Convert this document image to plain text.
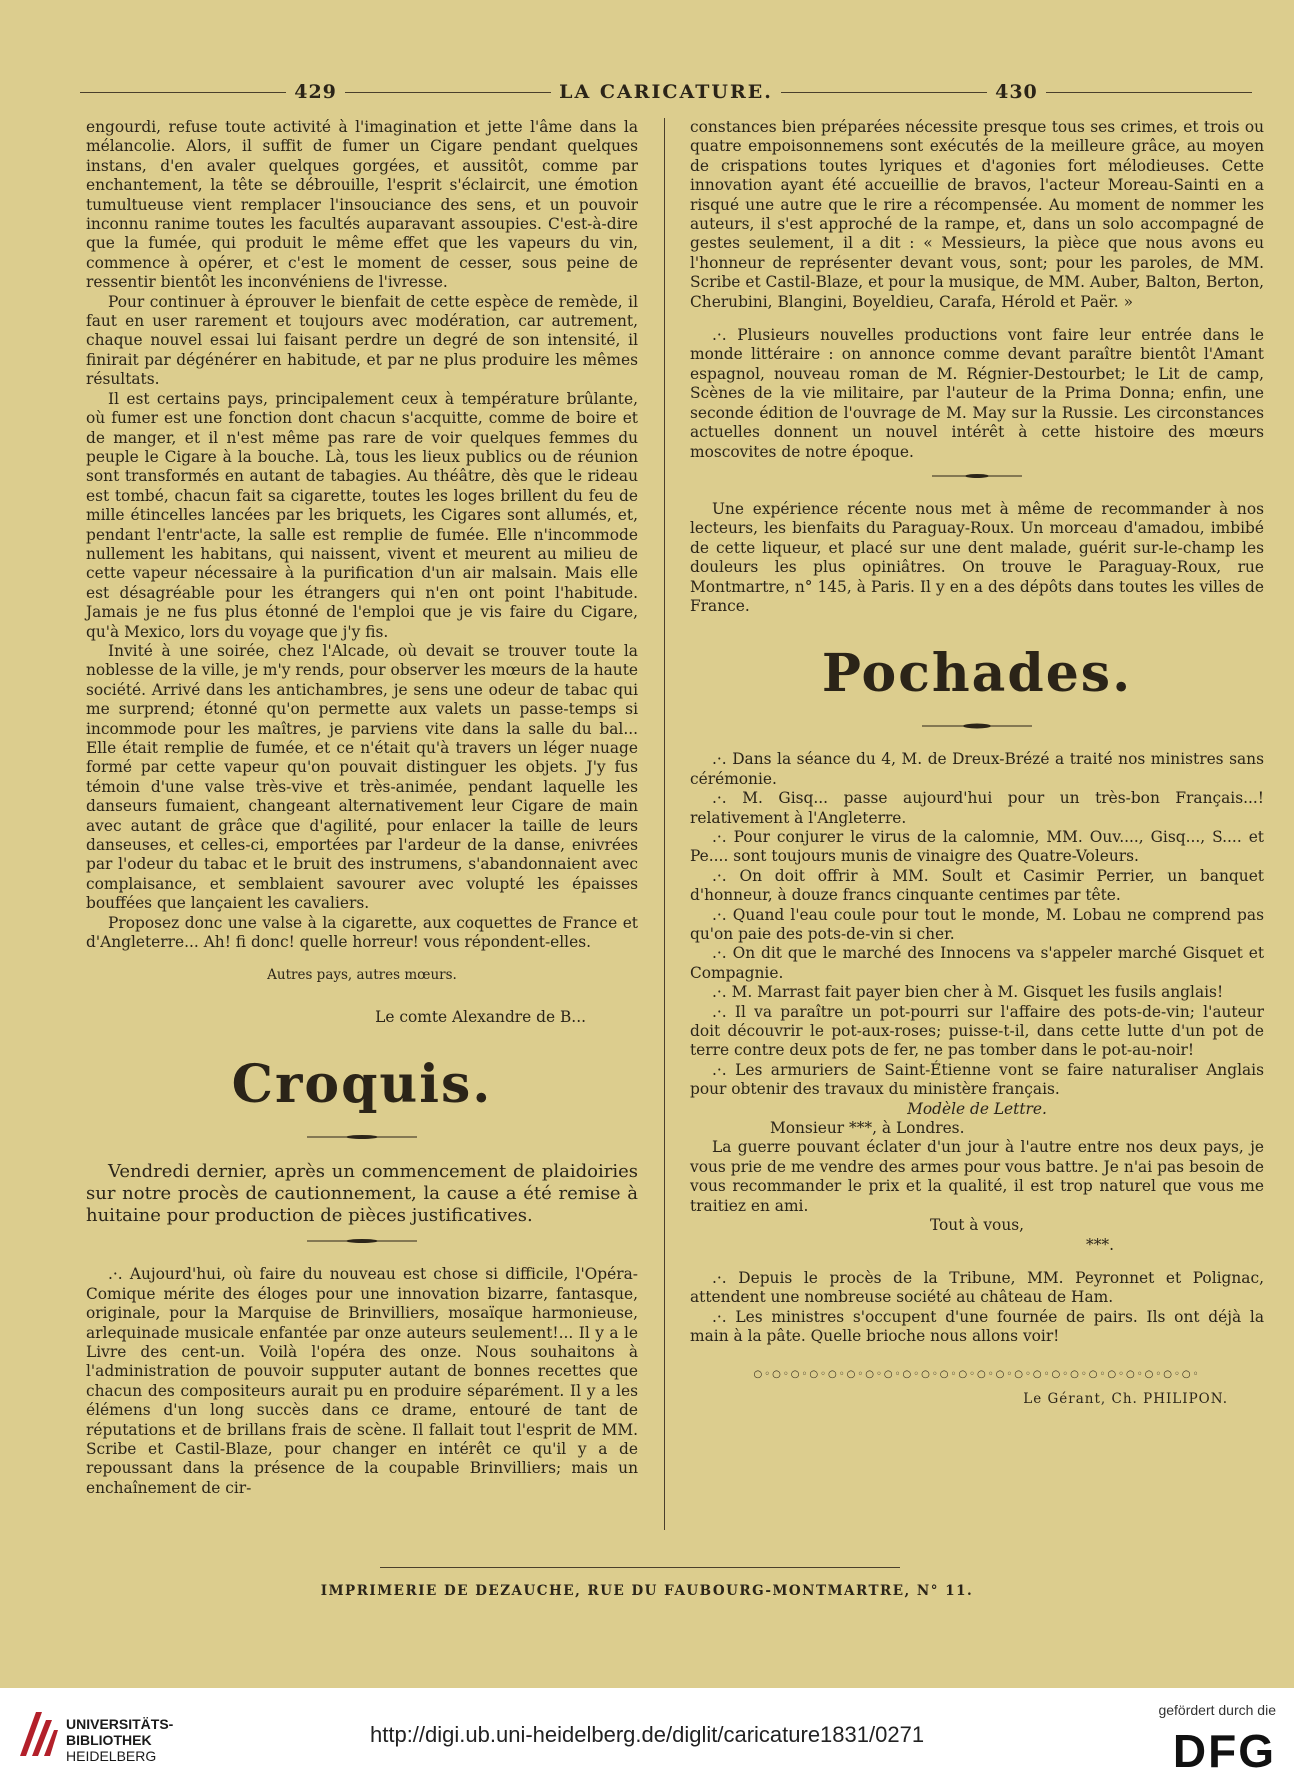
429	LA CARICATURE.	430

engourdi, refuse toute activité à l'imagination et jette l'âme dans la mélancolie. Alors, il suffit de fumer un Cigare pendant quelques instans, d'en avaler quelques gorgées, et aussitôt, comme par enchantement, la tête se débrouille, l'esprit s'éclaircit, une émotion tumultueuse vient remplacer l'insouciance des sens, et un pouvoir inconnu ranime toutes les facultés auparavant assoupies. C'est-à-dire que la fumée, qui produit le même effet que les vapeurs du vin, commence à opérer, et c'est le moment de cesser, sous peine de ressentir bientôt les inconvéniens de l'ivresse.

Pour continuer à éprouver le bienfait de cette espèce de remède, il faut en user rarement et toujours avec modération, car autrement, chaque nouvel essai lui faisant perdre un degré de son intensité, il finirait par dégénérer en habitude, et par ne plus produire les mêmes résultats.

Il est certains pays, principalement ceux à température brûlante, où fumer est une fonction dont chacun s'acquitte, comme de boire et de manger, et il n'est même pas rare de voir quelques femmes du peuple le Cigare à la bouche. Là, tous les lieux publics ou de réunion sont transformés en autant de tabagies. Au théâtre, dès que le rideau est tombé, chacun fait sa cigarette, toutes les loges brillent du feu de mille étincelles lancées par les briquets, les Cigares sont allumés, et, pendant l'entr'acte, la salle est remplie de fumée. Elle n'incommode nullement les habitans, qui naissent, vivent et meurent au milieu de cette vapeur nécessaire à la purification d'un air malsain. Mais elle est désagréable pour les étrangers qui n'en ont point l'habitude. Jamais je ne fus plus étonné de l'emploi que je vis faire du Cigare, qu'à Mexico, lors du voyage que j'y fis.

Invité à une soirée, chez l'Alcade, où devait se trouver toute la noblesse de la ville, je m'y rends, pour observer les mœurs de la haute société. Arrivé dans les antichambres, je sens une odeur de tabac qui me surprend; étonné qu'on permette aux valets un passe-temps si incommode pour les maîtres, je parviens vite dans la salle du bal... Elle était remplie de fumée, et ce n'était qu'à travers un léger nuage formé par cette vapeur qu'on pouvait distinguer les objets. J'y fus témoin d'une valse très-vive et très-animée, pendant laquelle les danseurs fumaient, changeant alternativement leur Cigare de main avec autant de grâce que d'agilité, pour enlacer la taille de leurs danseuses, et celles-ci, emportées par l'ardeur de la danse, enivrées par l'odeur du tabac et le bruit des instrumens, s'abandonnaient avec complaisance, et semblaient savourer avec volupté les épaisses bouffées que lançaient les cavaliers.

Proposez donc une valse à la cigarette, aux coquettes de France et d'Angleterre... Ah! fi donc! quelle horreur! vous répondent-elles.

Autres pays, autres mœurs.

Le comte Alexandre de B...

Croquis.

Vendredi dernier, après un commencement de plaidoiries sur notre procès de cautionnement, la cause a été remise à huitaine pour production de pièces justificatives.

.·. Aujourd'hui, où faire du nouveau est chose si difficile, l'Opéra-Comique mérite des éloges pour une innovation bizarre, fantasque, originale, pour la Marquise de Brinvilliers, mosaïque harmonieuse, arlequinade musicale enfantée par onze auteurs seulement!... Il y a le Livre des cent-un. Voilà l'opéra des onze. Nous souhaitons à l'administration de pouvoir supputer autant de bonnes recettes que chacun des compositeurs aurait pu en produire séparément. Il y a les élémens d'un long succès dans ce drame, entouré de tant de réputations et de brillans frais de scène. Il fallait tout l'esprit de MM. Scribe et Castil-Blaze, pour changer en intérêt ce qu'il y a de repoussant dans la présence de la coupable Brinvilliers; mais un enchaînement de cir-

constances bien préparées nécessite presque tous ses crimes, et trois ou quatre empoisonnemens sont exécutés de la meilleure grâce, au moyen de crispations toutes lyriques et d'agonies fort mélodieuses. Cette innovation ayant été accueillie de bravos, l'acteur Moreau-Sainti en a risqué une autre que le rire a récompensée. Au moment de nommer les auteurs, il s'est approché de la rampe, et, dans un solo accompagné de gestes seulement, il a dit : « Messieurs, la pièce que nous avons eu l'honneur de représenter devant vous, sont; pour les paroles, de MM. Scribe et Castil-Blaze, et pour la musique, de MM. Auber, Balton, Berton, Cherubini, Blangini, Boyeldieu, Carafa, Hérold et Paër. »

.·. Plusieurs nouvelles productions vont faire leur entrée dans le monde littéraire : on annonce comme devant paraître bientôt l'Amant espagnol, nouveau roman de M. Régnier-Destourbet; le Lit de camp, Scènes de la vie militaire, par l'auteur de la Prima Donna; enfin, une seconde édition de l'ouvrage de M. May sur la Russie. Les circonstances actuelles donnent un nouvel intérêt à cette histoire des mœurs moscovites de notre époque.

Une expérience récente nous met à même de recommander à nos lecteurs, les bienfaits du Paraguay-Roux. Un morceau d'amadou, imbibé de cette liqueur, et placé sur une dent malade, guérit sur-le-champ les douleurs les plus opiniâtres. On trouve le Paraguay-Roux, rue Montmartre, n° 145, à Paris. Il y en a des dépôts dans toutes les villes de France.

Pochades.

.·. Dans la séance du 4, M. de Dreux-Brézé a traité nos ministres sans cérémonie.

.·. M. Gisq... passe aujourd'hui pour un très-bon Français...! relativement à l'Angleterre.

.·. Pour conjurer le virus de la calomnie, MM. Ouv...., Gisq..., S.... et Pe.... sont toujours munis de vinaigre des Quatre-Voleurs.

.·. On doit offrir à MM. Soult et Casimir Perrier, un banquet d'honneur, à douze francs cinquante centimes par tête.

.·. Quand l'eau coule pour tout le monde, M. Lobau ne comprend pas qu'on paie des pots-de-vin si cher.

.·. On dit que le marché des Innocens va s'appeler marché Gisquet et Compagnie.

.·. M. Marrast fait payer bien cher à M. Gisquet les fusils anglais!

.·. Il va paraître un pot-pourri sur l'affaire des pots-de-vin; l'auteur doit découvrir le pot-aux-roses; puisse-t-il, dans cette lutte d'un pot de terre contre deux pots de fer, ne pas tomber dans le pot-au-noir!

.·. Les armuriers de Saint-Étienne vont se faire naturaliser Anglais pour obtenir des travaux du ministère français.

Modèle de Lettre.

Monsieur ***, à Londres.

La guerre pouvant éclater d'un jour à l'autre entre nos deux pays, je vous prie de me vendre des armes pour vous battre. Je n'ai pas besoin de vous recommander le prix et la qualité, il est trop naturel que vous me traitiez en ami.

Tout à vous,

***.

.·. Depuis le procès de la Tribune, MM. Peyronnet et Polignac, attendent une nombreuse société au château de Ham.

.·. Les ministres s'occupent d'une fournée de pairs. Ils ont déjà la main à la pâte. Quelle brioche nous allons voir!

○◦○◦○◦○◦○◦○◦○◦○◦○◦○◦○◦○◦○◦○◦○◦○◦○◦○◦○◦○◦○◦○◦○◦○◦

Le Gérant, Ch. PHILIPON.

IMPRIMERIE DE DEZAUCHE, RUE DU FAUBOURG-MONTMARTRE, N° 11.
UNIVERSITÄTS-
BIBLIOTHEK
HEIDELBERG
http://digi.ub.uni-heidelberg.de/diglit/caricature1831/0271
gefördert durch die
DFG
